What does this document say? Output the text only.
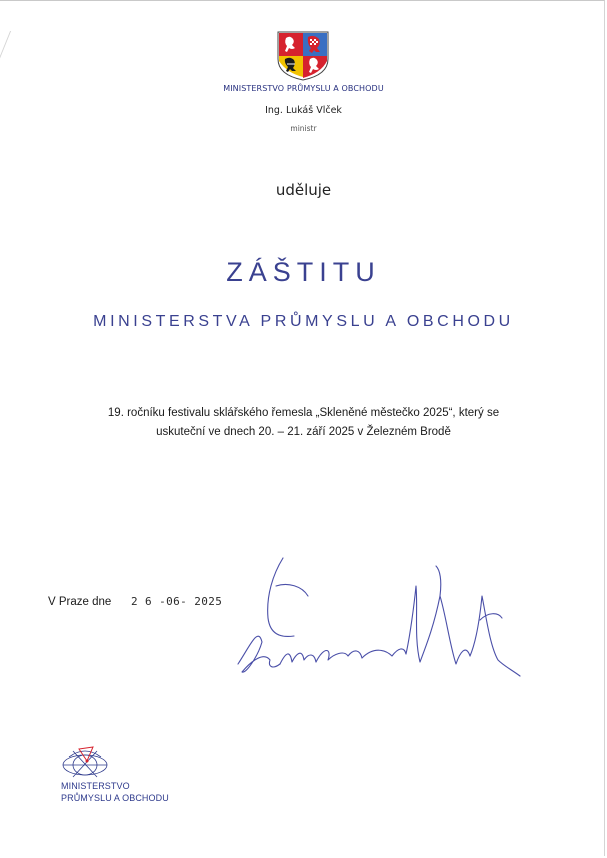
MINISTERSTVO PRŮMYSLU A OBCHODU
Ing. Lukáš Vlček
ministr
uděluje
ZÁŠTITU
MINISTERSTVA PRŮMYSLU A OBCHODU
19. ročníku festivalu sklářského řemesla „Skleněné městečko 2025“, který se
uskuteční ve dnech 20. – 21. září 2025 v Železném Brodě
V Praze dne 2 6 -06- 2025
MINISTERSTVO
PRŮMYSLU A OBCHODU
